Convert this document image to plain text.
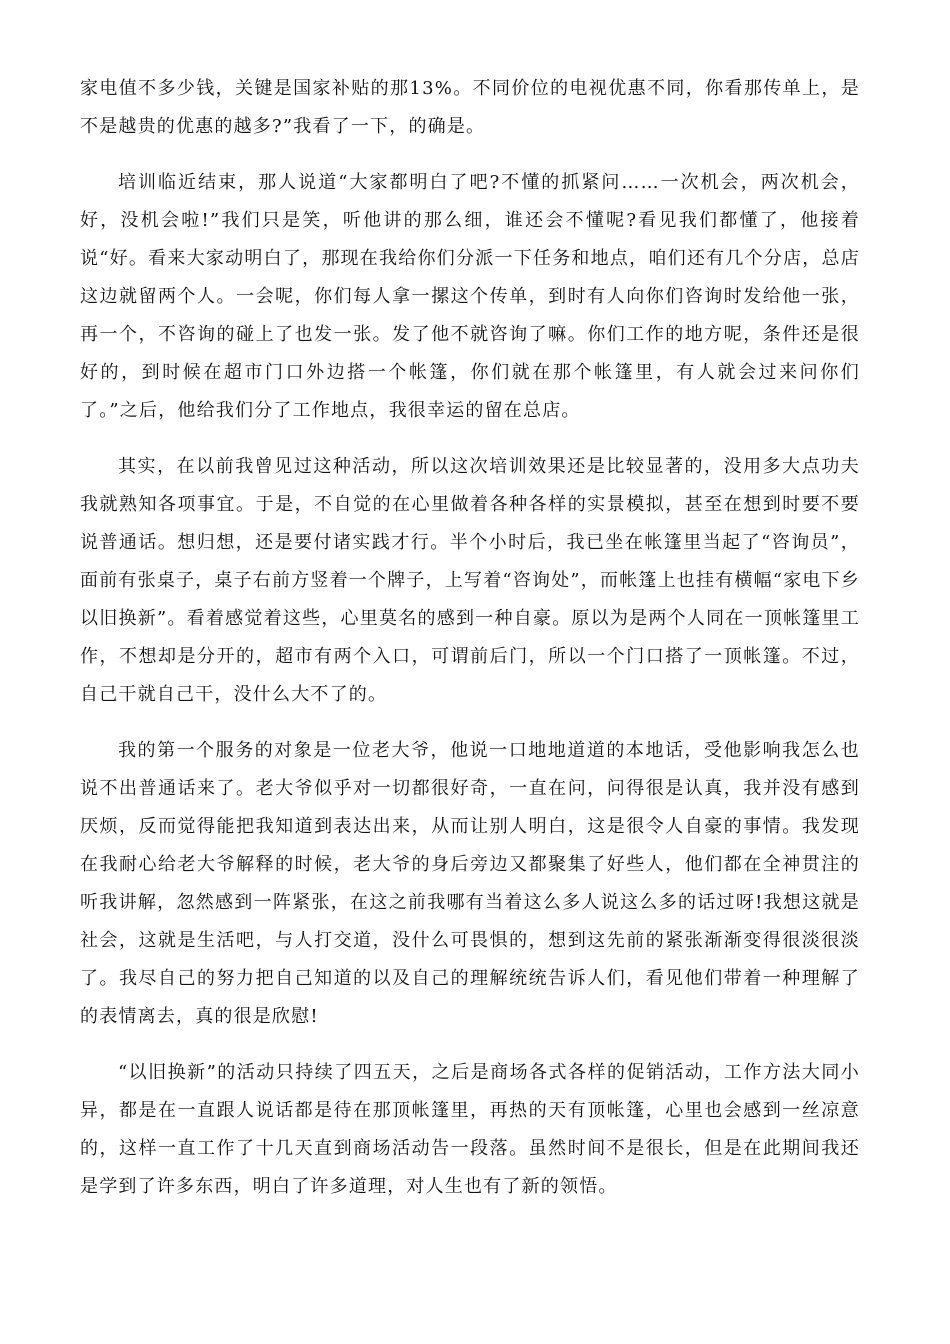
家电值不多少钱，关键是国家补贴的那13%。不同价位的电视优惠不同，你看那传单上，是不是越贵的优惠的越多?”我看了一下，的确是。

培训临近结束，那人说道“大家都明白了吧?不懂的抓紧问……一次机会，两次机会，好，没机会啦!”我们只是笑，听他讲的那么细，谁还会不懂呢?看见我们都懂了，他接着说“好。看来大家动明白了，那现在我给你们分派一下任务和地点，咱们还有几个分店，总店这边就留两个人。一会呢，你们每人拿一摞这个传单，到时有人向你们咨询时发给他一张，再一个，不咨询的碰上了也发一张。发了他不就咨询了嘛。你们工作的地方呢，条件还是很好的，到时候在超市门口外边搭一个帐篷，你们就在那个帐篷里，有人就会过来问你们了。”之后，他给我们分了工作地点，我很幸运的留在总店。

其实，在以前我曾见过这种活动，所以这次培训效果还是比较显著的，没用多大点功夫我就熟知各项事宜。于是，不自觉的在心里做着各种各样的实景模拟，甚至在想到时要不要说普通话。想归想，还是要付诸实践才行。半个小时后，我已坐在帐篷里当起了“咨询员”，面前有张桌子，桌子右前方竖着一个牌子，上写着“咨询处”，而帐篷上也挂有横幅“家电下乡以旧换新”。看着感觉着这些，心里莫名的感到一种自豪。原以为是两个人同在一顶帐篷里工作，不想却是分开的，超市有两个入口，可谓前后门，所以一个门口搭了一顶帐篷。不过，自己干就自己干，没什么大不了的。

我的第一个服务的对象是一位老大爷，他说一口地地道道的本地话，受他影响我怎么也说不出普通话来了。老大爷似乎对一切都很好奇，一直在问，问得很是认真，我并没有感到厌烦，反而觉得能把我知道到表达出来，从而让别人明白，这是很令人自豪的事情。我发现在我耐心给老大爷解释的时候，老大爷的身后旁边又都聚集了好些人，他们都在全神贯注的听我讲解，忽然感到一阵紧张，在这之前我哪有当着这么多人说这么多的话过呀!我想这就是社会，这就是生活吧，与人打交道，没什么可畏惧的，想到这先前的紧张渐渐变得很淡很淡了。我尽自己的努力把自己知道的以及自己的理解统统告诉人们，看见他们带着一种理解了的表情离去，真的很是欣慰!

“以旧换新”的活动只持续了四五天，之后是商场各式各样的促销活动，工作方法大同小异，都是在一直跟人说话都是待在那顶帐篷里，再热的天有顶帐篷，心里也会感到一丝凉意的，这样一直工作了十几天直到商场活动告一段落。虽然时间不是很长，但是在此期间我还是学到了许多东西，明白了许多道理，对人生也有了新的领悟。
